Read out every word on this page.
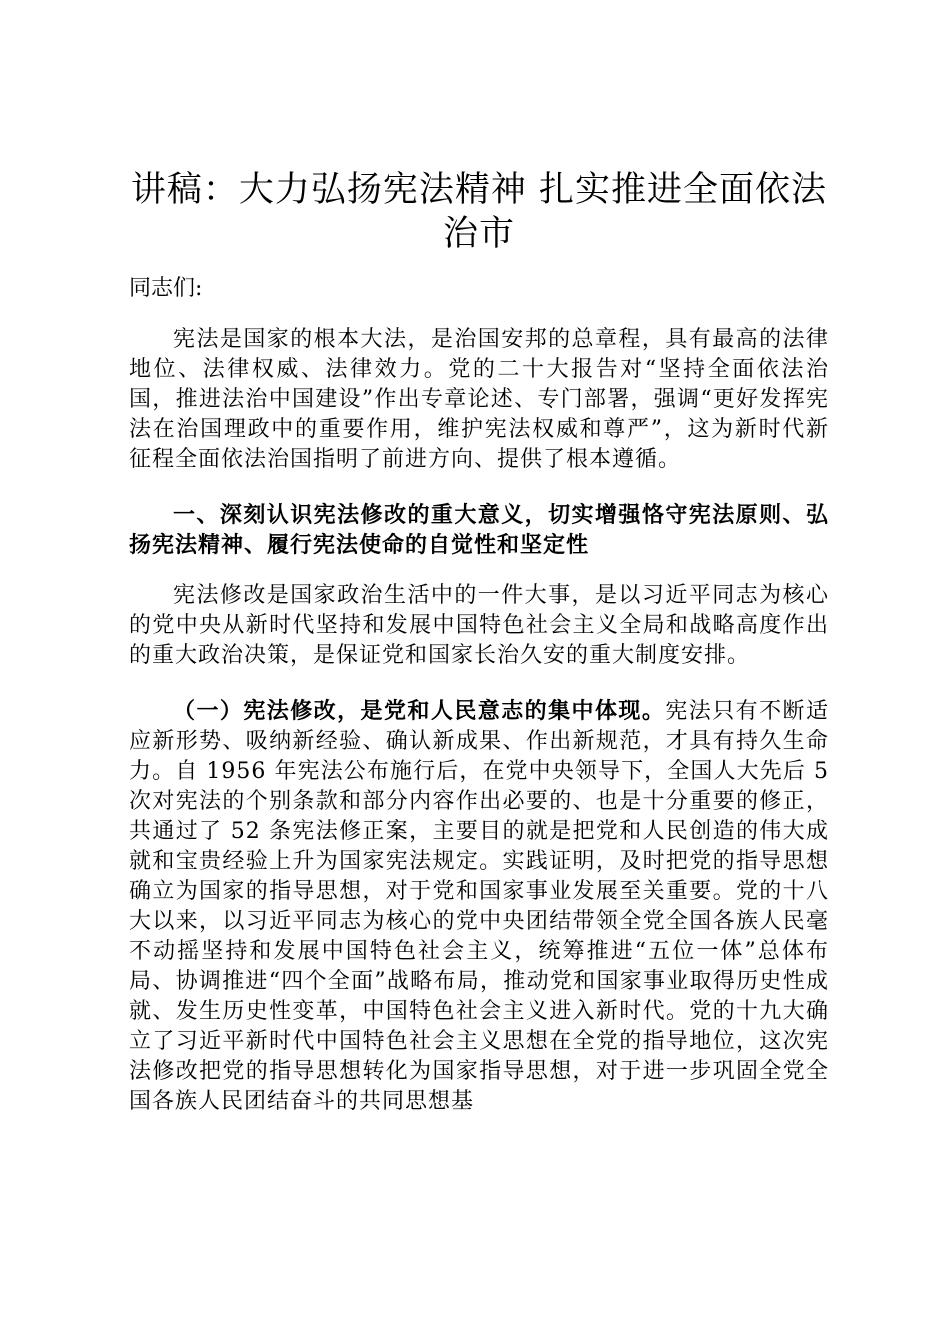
讲稿：大力弘扬宪法精神 扎实推进全面依法治市
同志们:

宪法是国家的根本大法，是治国安邦的总章程，具有最高的法律地位、法律权威、法律效力。党的二十大报告对“坚持全面依法治国，推进法治中国建设”作出专章论述、专门部署，强调“更好发挥宪法在治国理政中的重要作用，维护宪法权威和尊严”，这为新时代新征程全面依法治国指明了前进方向、提供了根本遵循。

一、深刻认识宪法修改的重大意义，切实增强恪守宪法原则、弘扬宪法精神、履行宪法使命的自觉性和坚定性

宪法修改是国家政治生活中的一件大事，是以习近平同志为核心的党中央从新时代坚持和发展中国特色社会主义全局和战略高度作出的重大政治决策，是保证党和国家长治久安的重大制度安排。

（一）宪法修改，是党和人民意志的集中体现。宪法只有不断适应新形势、吸纳新经验、确认新成果、作出新规范，才具有持久生命力。自 1956 年宪法公布施行后，在党中央领导下，全国人大先后 5 次对宪法的个别条款和部分内容作出必要的、也是十分重要的修正，共通过了 52 条宪法修正案，主要目的就是把党和人民创造的伟大成就和宝贵经验上升为国家宪法规定。实践证明，及时把党的指导思想确立为国家的指导思想，对于党和国家事业发展至关重要。党的十八大以来，以习近平同志为核心的党中央团结带领全党全国各族人民毫不动摇坚持和发展中国特色社会主义，统筹推进“五位一体”总体布局、协调推进“四个全面”战略布局，推动党和国家事业取得历史性成就、发生历史性变革，中国特色社会主义进入新时代。党的十九大确立了习近平新时代中国特色社会主义思想在全党的指导地位，这次宪法修改把党的指导思想转化为国家指导思想，对于进一步巩固全党全国各族人民团结奋斗的共同思想基
